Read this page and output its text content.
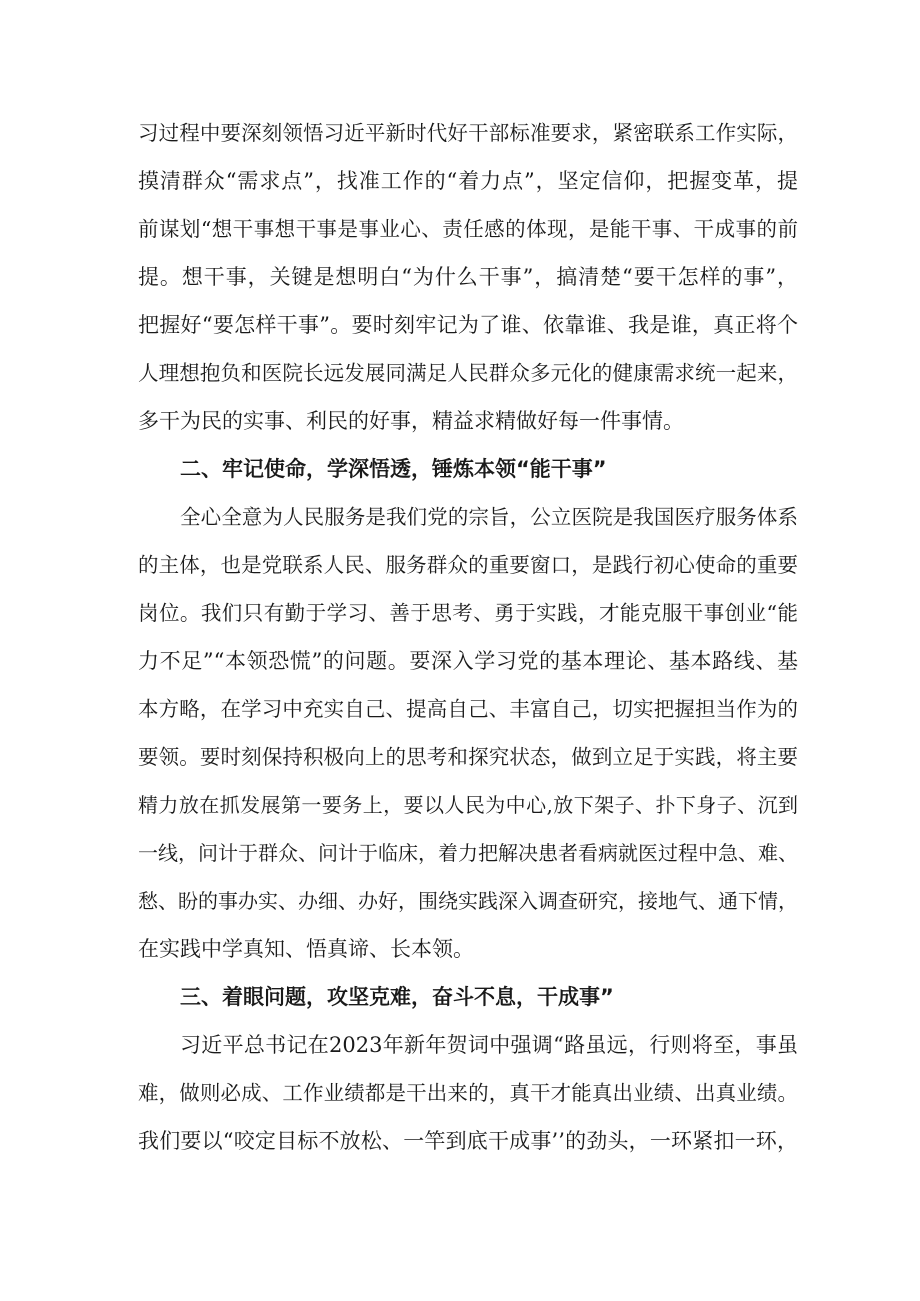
习过程中要深刻领悟习近平新时代好干部标准要求，紧密联系工作实际，
摸清群众“需求点”，找准工作的“着力点”，坚定信仰，把握变革，提
前谋划“想干事想干事是事业心、责任感的体现，是能干事、干成事的前
提。想干事，关键是想明白“为什么干事”，搞清楚“要干怎样的事”，
把握好“要怎样干事”。要时刻牢记为了谁、依靠谁、我是谁，真正将个
人理想抱负和医院长远发展同满足人民群众多元化的健康需求统一起来，
多干为民的实事、利民的好事，精益求精做好每一件事情。
二、牢记使命，学深悟透，锤炼本领“能干事”
全心全意为人民服务是我们党的宗旨，公立医院是我国医疗服务体系
的主体，也是党联系人民、服务群众的重要窗口，是践行初心使命的重要
岗位。我们只有勤于学习、善于思考、勇于实践，才能克服干事创业“能
力不足”“本领恐慌”的问题。要深入学习党的基本理论、基本路线、基
本方略，在学习中充实自己、提高自己、丰富自己，切实把握担当作为的
要领。要时刻保持积极向上的思考和探究状态，做到立足于实践，将主要
精力放在抓发展第一要务上，要以人民为中心,放下架子、扑下身子、沉到
一线，问计于群众、问计于临床，着力把解决患者看病就医过程中急、难、
愁、盼的事办实、办细、办好，围绕实践深入调查研究，接地气、通下情，
在实践中学真知、悟真谛、长本领。
三、着眼问题，攻坚克难，奋斗不息，干成事”
习近平总书记在2023年新年贺词中强调“路虽远，行则将至，事虽
难，做则必成、工作业绩都是干出来的，真干才能真出业绩、出真业绩。
我们要以“咬定目标不放松、一竿到底干成事’’的劲头，一环紧扣一环，
